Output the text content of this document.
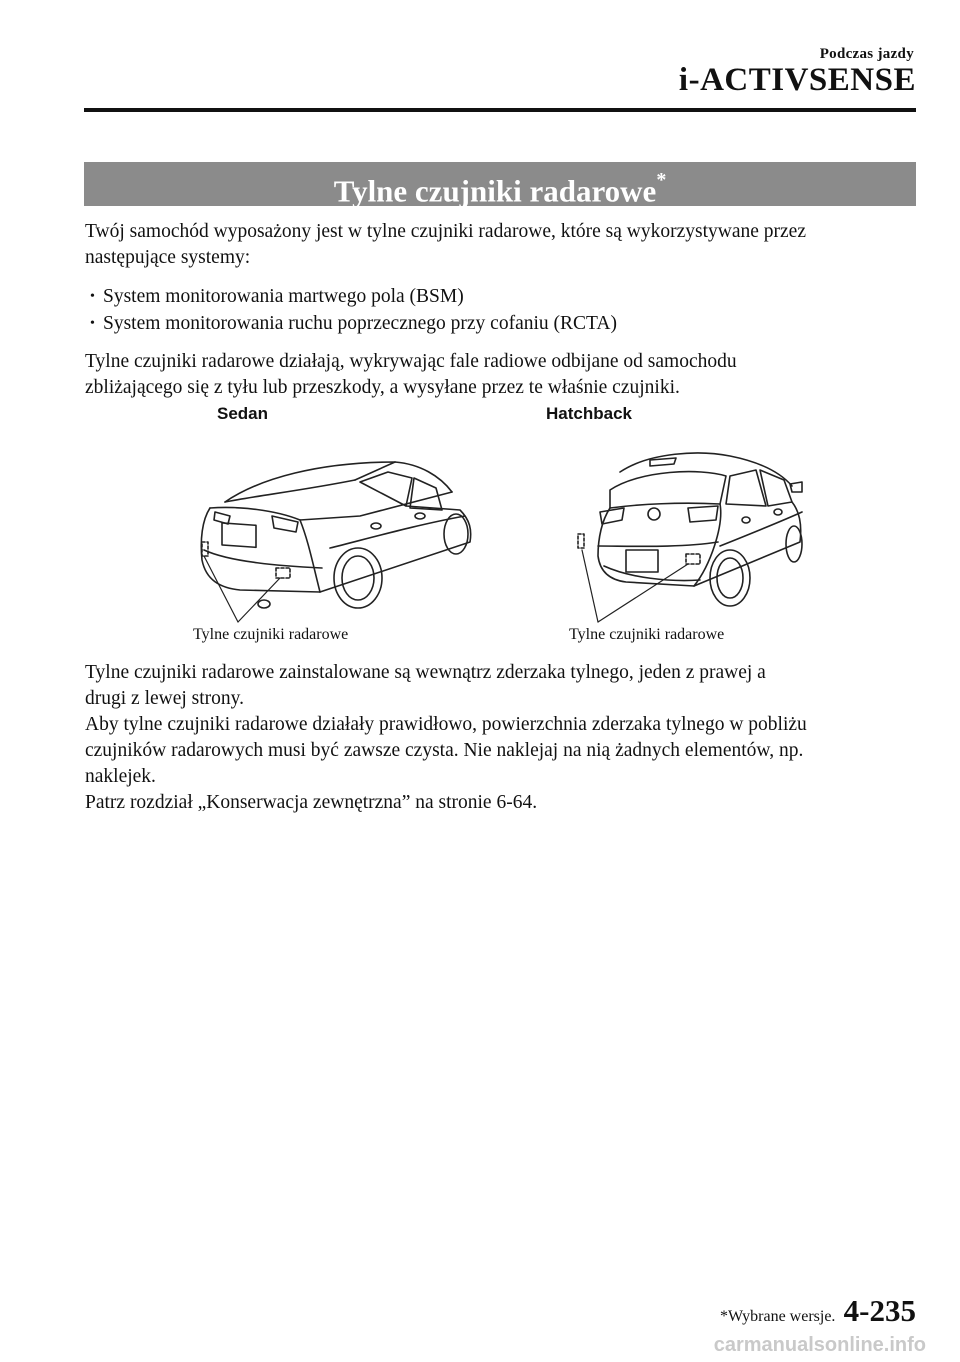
Podczas jazdy
i-ACTIVSENSE
Tylne czujniki radarowe*
Twój samochód wyposażony jest w tylne czujniki radarowe, które są wykorzystywane przez
następujące systemy:
• System monitorowania martwego pola (BSM)
• System monitorowania ruchu poprzecznego przy cofaniu (RCTA)
Tylne czujniki radarowe działają, wykrywając fale radiowe odbijane od samochodu
zbliżającego się z tyłu lub przeszkody, a wysyłane przez te właśnie czujniki.
Sedan	Hatchback
Tylne czujniki radarowe	Tylne czujniki radarowe
Tylne czujniki radarowe zainstalowane są wewnątrz zderzaka tylnego, jeden z prawej a
drugi z lewej strony.
Aby tylne czujniki radarowe działały prawidłowo, powierzchnia zderzaka tylnego w pobliżu
czujników radarowych musi być zawsze czysta. Nie naklejaj na nią żadnych elementów, np.
naklejek.
Patrz rozdział „Konserwacja zewnętrzna” na stronie 6-64.
*Wybrane wersje. 4-235
carmanualsonline.info
